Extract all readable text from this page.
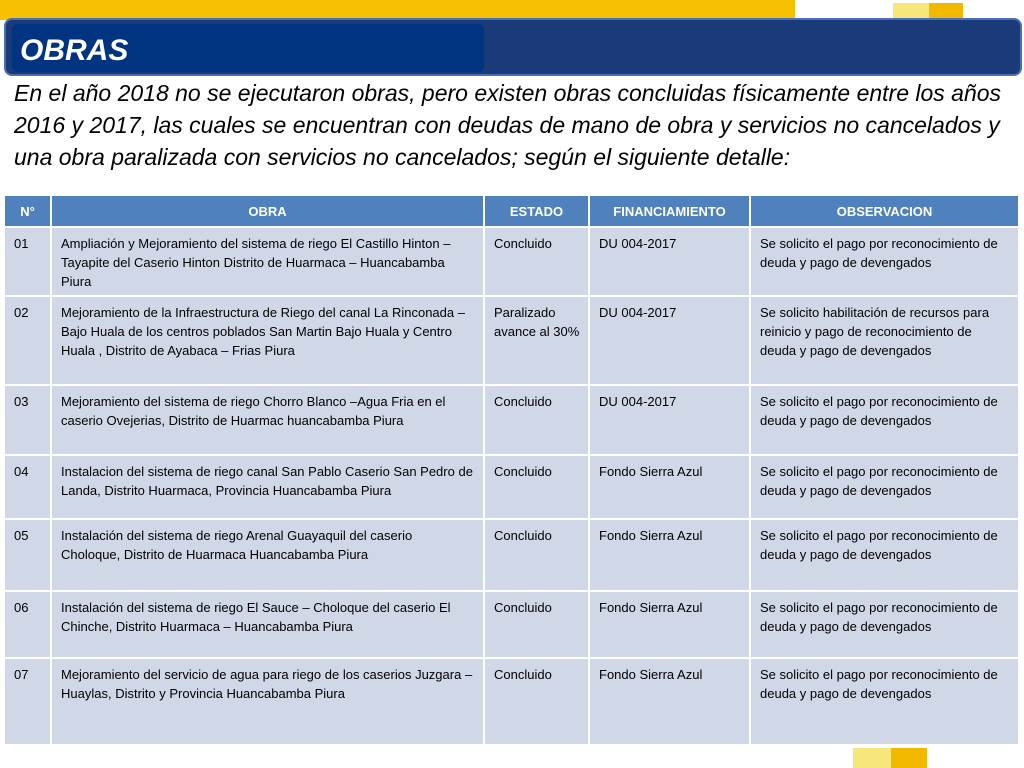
OBRAS
En el año 2018 no se ejecutaron obras, pero existen obras concluidas físicamente entre los años 2016 y 2017, las cuales se encuentran con deudas de mano de obra y servicios no cancelados y una obra paralizada con servicios no cancelados; según el siguiente detalle:
N°	OBRA	ESTADO	FINANCIAMIENTO	OBSERVACION
01	Ampliación y Mejoramiento del sistema de riego El Castillo Hinton – Tayapite del Caserio Hinton Distrito de Huarmaca – Huancabamba Piura	Concluido	DU 004-2017	Se solicito el pago por reconocimiento de deuda y pago de devengados
02	Mejoramiento de la Infraestructura de Riego del canal La Rinconada – Bajo Huala de los centros poblados San Martin Bajo Huala y Centro Huala , Distrito de Ayabaca – Frias Piura	Paralizado avance al 30%	DU 004-2017	Se solicito habilitación de recursos para reinicio y pago de reconocimiento de deuda y pago de devengados
03	Mejoramiento del sistema de riego Chorro Blanco –Agua Fria en el caserio Ovejerias, Distrito de Huarmac huancabamba Piura	Concluido	DU 004-2017	Se solicito el pago por reconocimiento de deuda y pago de devengados
04	Instalacion del sistema de riego canal San Pablo Caserio San Pedro de Landa, Distrito Huarmaca, Provincia Huancabamba Piura	Concluido	Fondo Sierra Azul	Se solicito el pago por reconocimiento de deuda y pago de devengados
05	Instalación del sistema de riego Arenal Guayaquil del caserio Choloque, Distrito de Huarmaca Huancabamba Piura	Concluido	Fondo Sierra Azul	Se solicito el pago por reconocimiento de deuda y pago de devengados
06	Instalación del sistema de riego El Sauce – Choloque del caserio El Chinche, Distrito Huarmaca – Huancabamba Piura	Concluido	Fondo Sierra Azul	Se solicito el pago por reconocimiento de deuda y pago de devengados
07	Mejoramiento del servicio de agua para riego de los caserios Juzgara – Huaylas, Distrito y Provincia Huancabamba Piura	Concluido	Fondo Sierra Azul	Se solicito el pago por reconocimiento de deuda y pago de devengados
